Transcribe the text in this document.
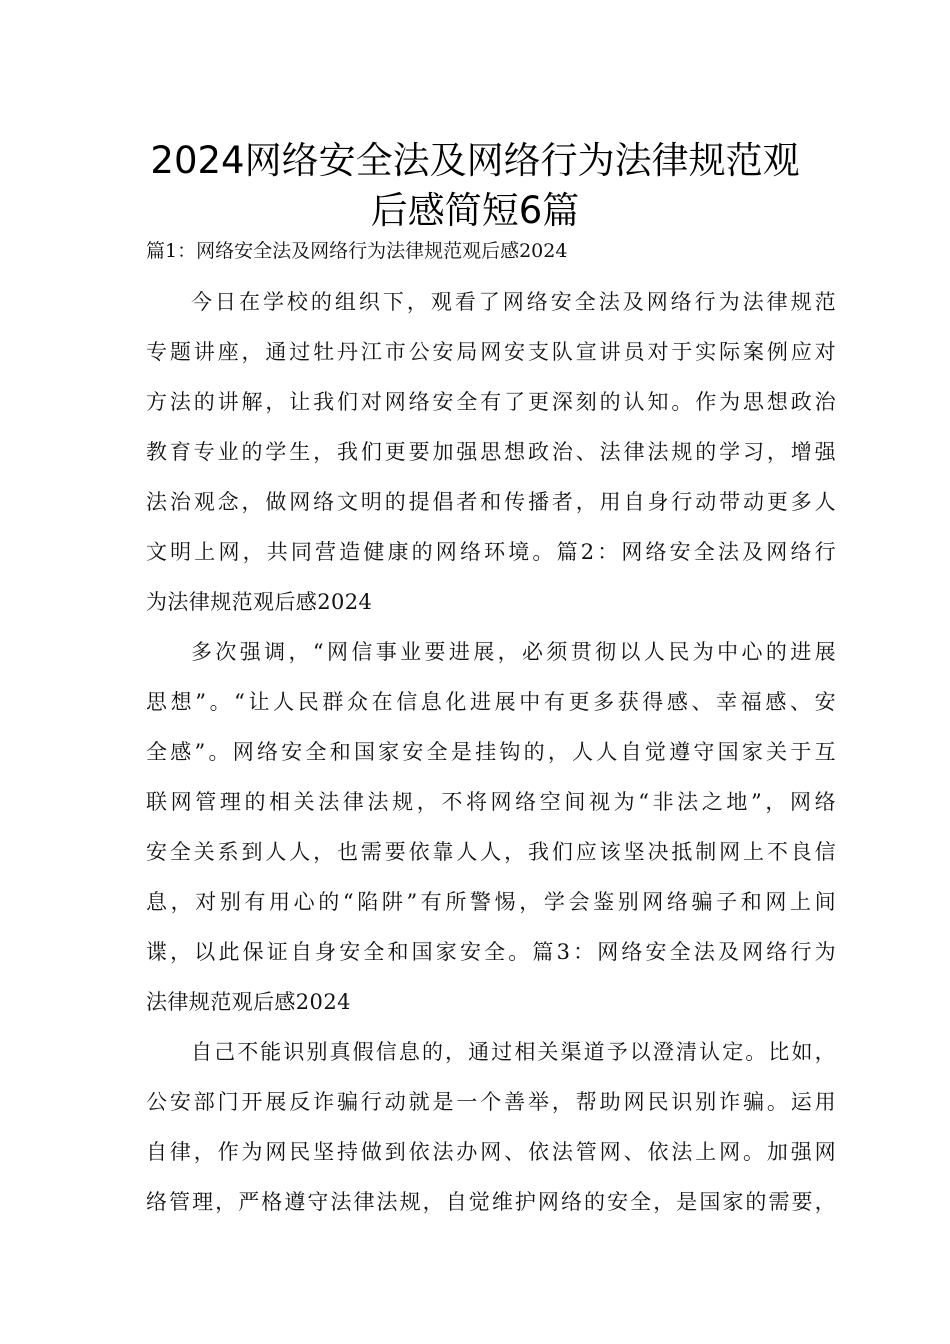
2024网络安全法及网络行为法律规范观
后感简短6篇
篇1：网络安全法及网络行为法律规范观后感2024
今日在学校的组织下，观看了网络安全法及网络行为法律规范
专题讲座，通过牡丹江市公安局网安支队宣讲员对于实际案例应对
方法的讲解，让我们对网络安全有了更深刻的认知。作为思想政治
教育专业的学生，我们更要加强思想政治、法律法规的学习，增强
法治观念，做网络文明的提倡者和传播者，用自身行动带动更多人
文明上网，共同营造健康的网络环境。篇2：网络安全法及网络行
为法律规范观后感2024
多次强调，“网信事业要进展，必须贯彻以人民为中心的进展
思想”。“让人民群众在信息化进展中有更多获得感、幸福感、安
全感”。网络安全和国家安全是挂钩的，人人自觉遵守国家关于互
联网管理的相关法律法规，不将网络空间视为“非法之地”，网络
安全关系到人人，也需要依靠人人，我们应该坚决抵制网上不良信
息，对别有用心的“陷阱”有所警惕，学会鉴别网络骗子和网上间
谍，以此保证自身安全和国家安全。篇3：网络安全法及网络行为
法律规范观后感2024
自己不能识别真假信息的，通过相关渠道予以澄清认定。比如，
公安部门开展反诈骗行动就是一个善举，帮助网民识别诈骗。运用
自律，作为网民坚持做到依法办网、依法管网、依法上网。加强网
络管理，严格遵守法律法规，自觉维护网络的安全，是国家的需要，
